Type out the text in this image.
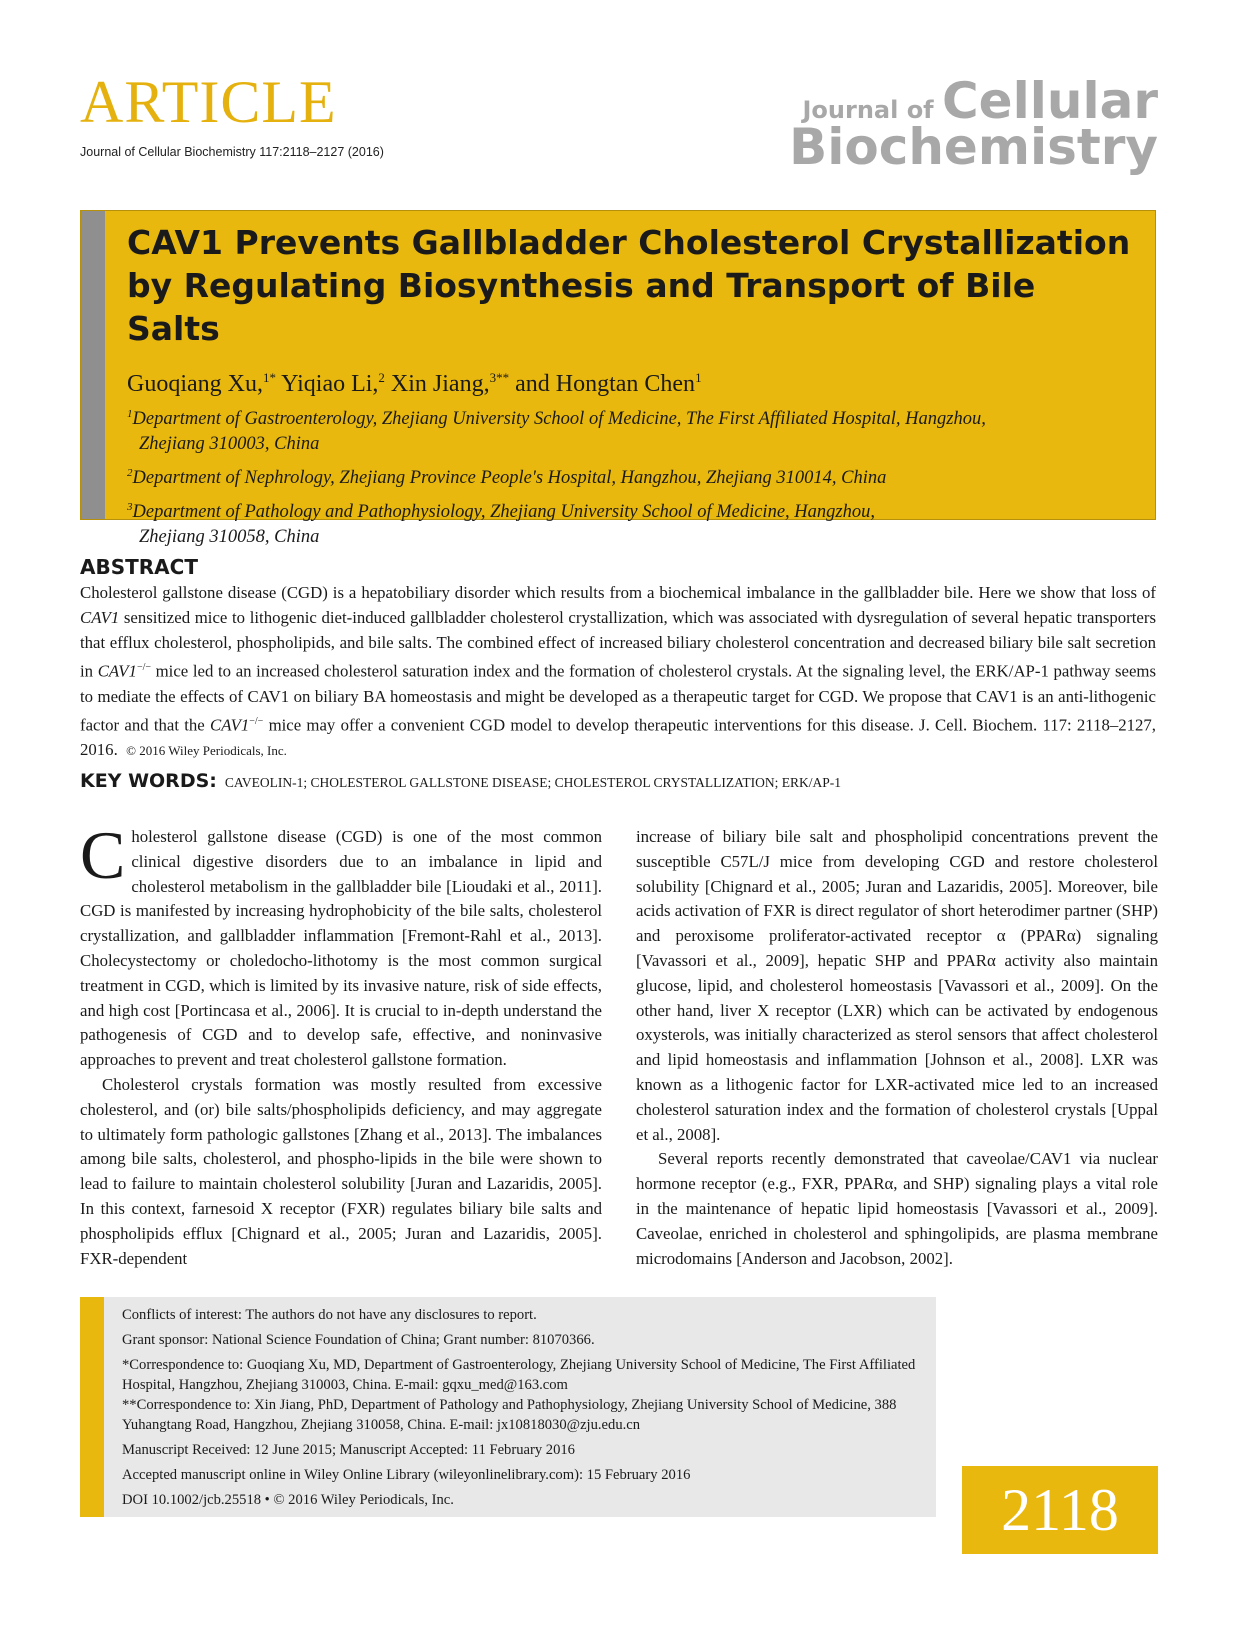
ARTICLE
Journal of Cellular Biochemistry 117:2118–2127 (2016)
Journal of Cellular
Biochemistry
CAV1 Prevents Gallbladder Cholesterol Crystallization by Regulating Biosynthesis and Transport of Bile Salts
Guoqiang Xu,$^{1*}$ Yiqiao Li,$^2$ Xin Jiang,$^{3**}$ and Hongtan Chen$^1$
$^1$Department of Gastroenterology, Zhejiang University School of Medicine, The First Affiliated Hospital, Hangzhou,
Zhejiang 310003, China
$^2$Department of Nephrology, Zhejiang Province People's Hospital, Hangzhou, Zhejiang 310014, China
$^3$Department of Pathology and Pathophysiology, Zhejiang University School of Medicine, Hangzhou,
Zhejiang 310058, China
ABSTRACT
Cholesterol gallstone disease (CGD) is a hepatobiliary disorder which results from a biochemical imbalance in the gallbladder bile. Here we show that loss of CAV1 sensitized mice to lithogenic diet-induced gallbladder cholesterol crystallization, which was associated with dysregulation of several hepatic transporters that efflux cholesterol, phospholipids, and bile salts. The combined effect of increased biliary cholesterol concentration and decreased biliary bile salt secretion in CAV1−/− mice led to an increased cholesterol saturation index and the formation of cholesterol crystals. At the signaling level, the ERK/AP-1 pathway seems to mediate the effects of CAV1 on biliary BA homeostasis and might be developed as a therapeutic target for CGD. We propose that CAV1 is an anti-lithogenic factor and that the CAV1−/− mice may offer a convenient CGD model to develop therapeutic interventions for this disease. J. Cell. Biochem. 117: 2118–2127, 2016. © 2016 Wiley Periodicals, Inc.
KEY WORDS: CAVEOLIN-1; CHOLESTEROL GALLSTONE DISEASE; CHOLESTEROL CRYSTALLIZATION; ERK/AP-1

Cholesterol gallstone disease (CGD) is one of the most common clinical digestive disorders due to an imbalance in lipid and cholesterol metabolism in the gallbladder bile [Lioudaki et al., 2011]. CGD is manifested by increasing hydrophobicity of the bile salts, cholesterol crystallization, and gallbladder inflammation [Fremont-Rahl et al., 2013]. Cholecystectomy or choledocho-lithotomy is the most common surgical treatment in CGD, which is limited by its invasive nature, risk of side effects, and high cost [Portincasa et al., 2006]. It is crucial to in-depth understand the pathogenesis of CGD and to develop safe, effective, and noninvasive approaches to prevent and treat cholesterol gallstone formation.

Cholesterol crystals formation was mostly resulted from excessive cholesterol, and (or) bile salts/phospholipids deficiency, and may aggregate to ultimately form pathologic gallstones [Zhang et al., 2013]. The imbalances among bile salts, cholesterol, and phospho-lipids in the bile were shown to lead to failure to maintain cholesterol solubility [Juran and Lazaridis, 2005]. In this context, farnesoid X receptor (FXR) regulates biliary bile salts and phospholipids efflux [Chignard et al., 2005; Juran and Lazaridis, 2005]. FXR-dependent

increase of biliary bile salt and phospholipid concentrations prevent the susceptible C57L/J mice from developing CGD and restore cholesterol solubility [Chignard et al., 2005; Juran and Lazaridis, 2005]. Moreover, bile acids activation of FXR is direct regulator of short heterodimer partner (SHP) and peroxisome proliferator-activated receptor α (PPARα) signaling [Vavassori et al., 2009], hepatic SHP and PPARα activity also maintain glucose, lipid, and cholesterol homeostasis [Vavassori et al., 2009]. On the other hand, liver X receptor (LXR) which can be activated by endogenous oxysterols, was initially characterized as sterol sensors that affect cholesterol and lipid homeostasis and inflammation [Johnson et al., 2008]. LXR was known as a lithogenic factor for LXR-activated mice led to an increased cholesterol saturation index and the formation of cholesterol crystals [Uppal et al., 2008].

Several reports recently demonstrated that caveolae/CAV1 via nuclear hormone receptor (e.g., FXR, PPARα, and SHP) signaling plays a vital role in the maintenance of hepatic lipid homeostasis [Vavassori et al., 2009]. Caveolae, enriched in cholesterol and sphingolipids, are plasma membrane microdomains [Anderson and Jacobson, 2002].

Conflicts of interest: The authors do not have any disclosures to report.
Grant sponsor: National Science Foundation of China; Grant number: 81070366.
*Correspondence to: Guoqiang Xu, MD, Department of Gastroenterology, Zhejiang University School of Medicine, The First Affiliated Hospital, Hangzhou, Zhejiang 310003, China. E-mail: gqxu_med@163.com
**Correspondence to: Xin Jiang, PhD, Department of Pathology and Pathophysiology, Zhejiang University School of Medicine, 388 Yuhangtang Road, Hangzhou, Zhejiang 310058, China. E-mail: jx10818030@zju.edu.cn
Manuscript Received: 12 June 2015; Manuscript Accepted: 11 February 2016
Accepted manuscript online in Wiley Online Library (wileyonlinelibrary.com): 15 February 2016
DOI 10.1002/jcb.25518 • © 2016 Wiley Periodicals, Inc.	2118
